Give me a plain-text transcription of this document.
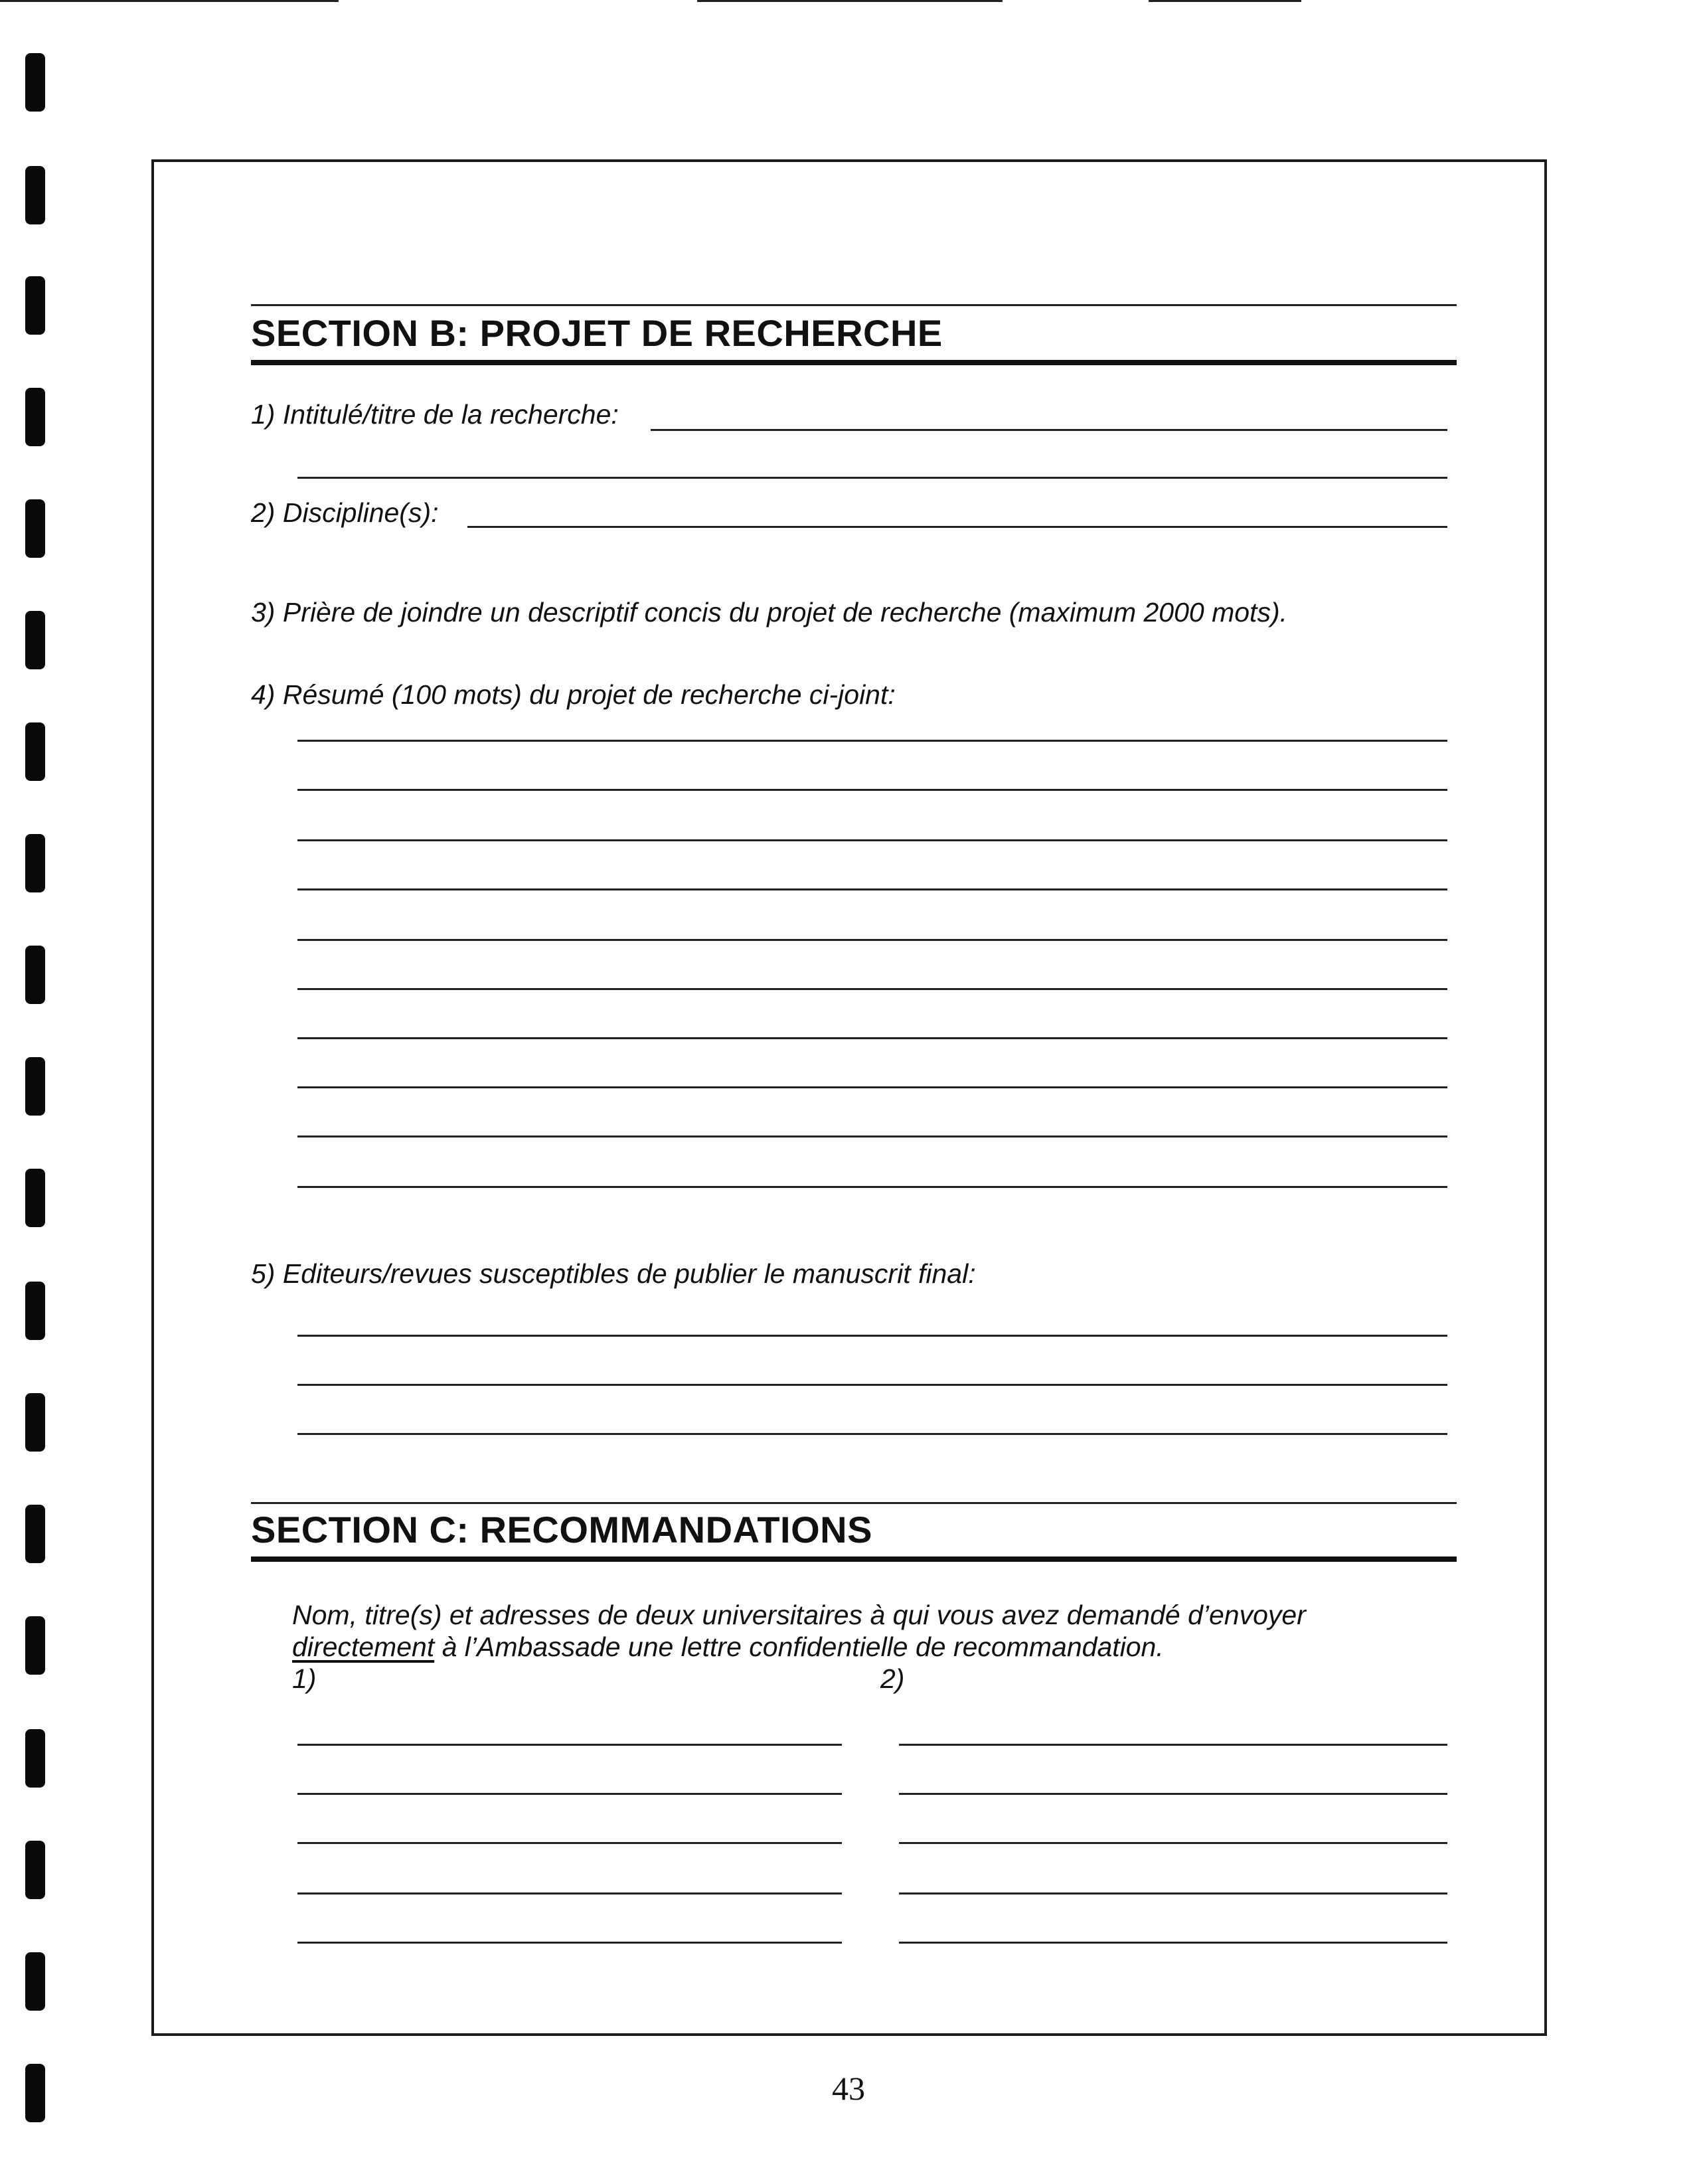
SECTION B: PROJET DE RECHERCHE
1) Intitulé/titre de la recherche:
2) Discipline(s):
3) Prière de joindre un descriptif concis du projet de recherche (maximum 2000 mots).
4) Résumé (100 mots) du projet de recherche ci-joint:
5) Editeurs/revues susceptibles de publier le manuscrit final:
SECTION C: RECOMMANDATIONS
Nom, titre(s) et adresses de deux universitaires à qui vous avez demandé d’envoyer
directement à l’Ambassade une lettre confidentielle de recommandation.
1)	2)
43
